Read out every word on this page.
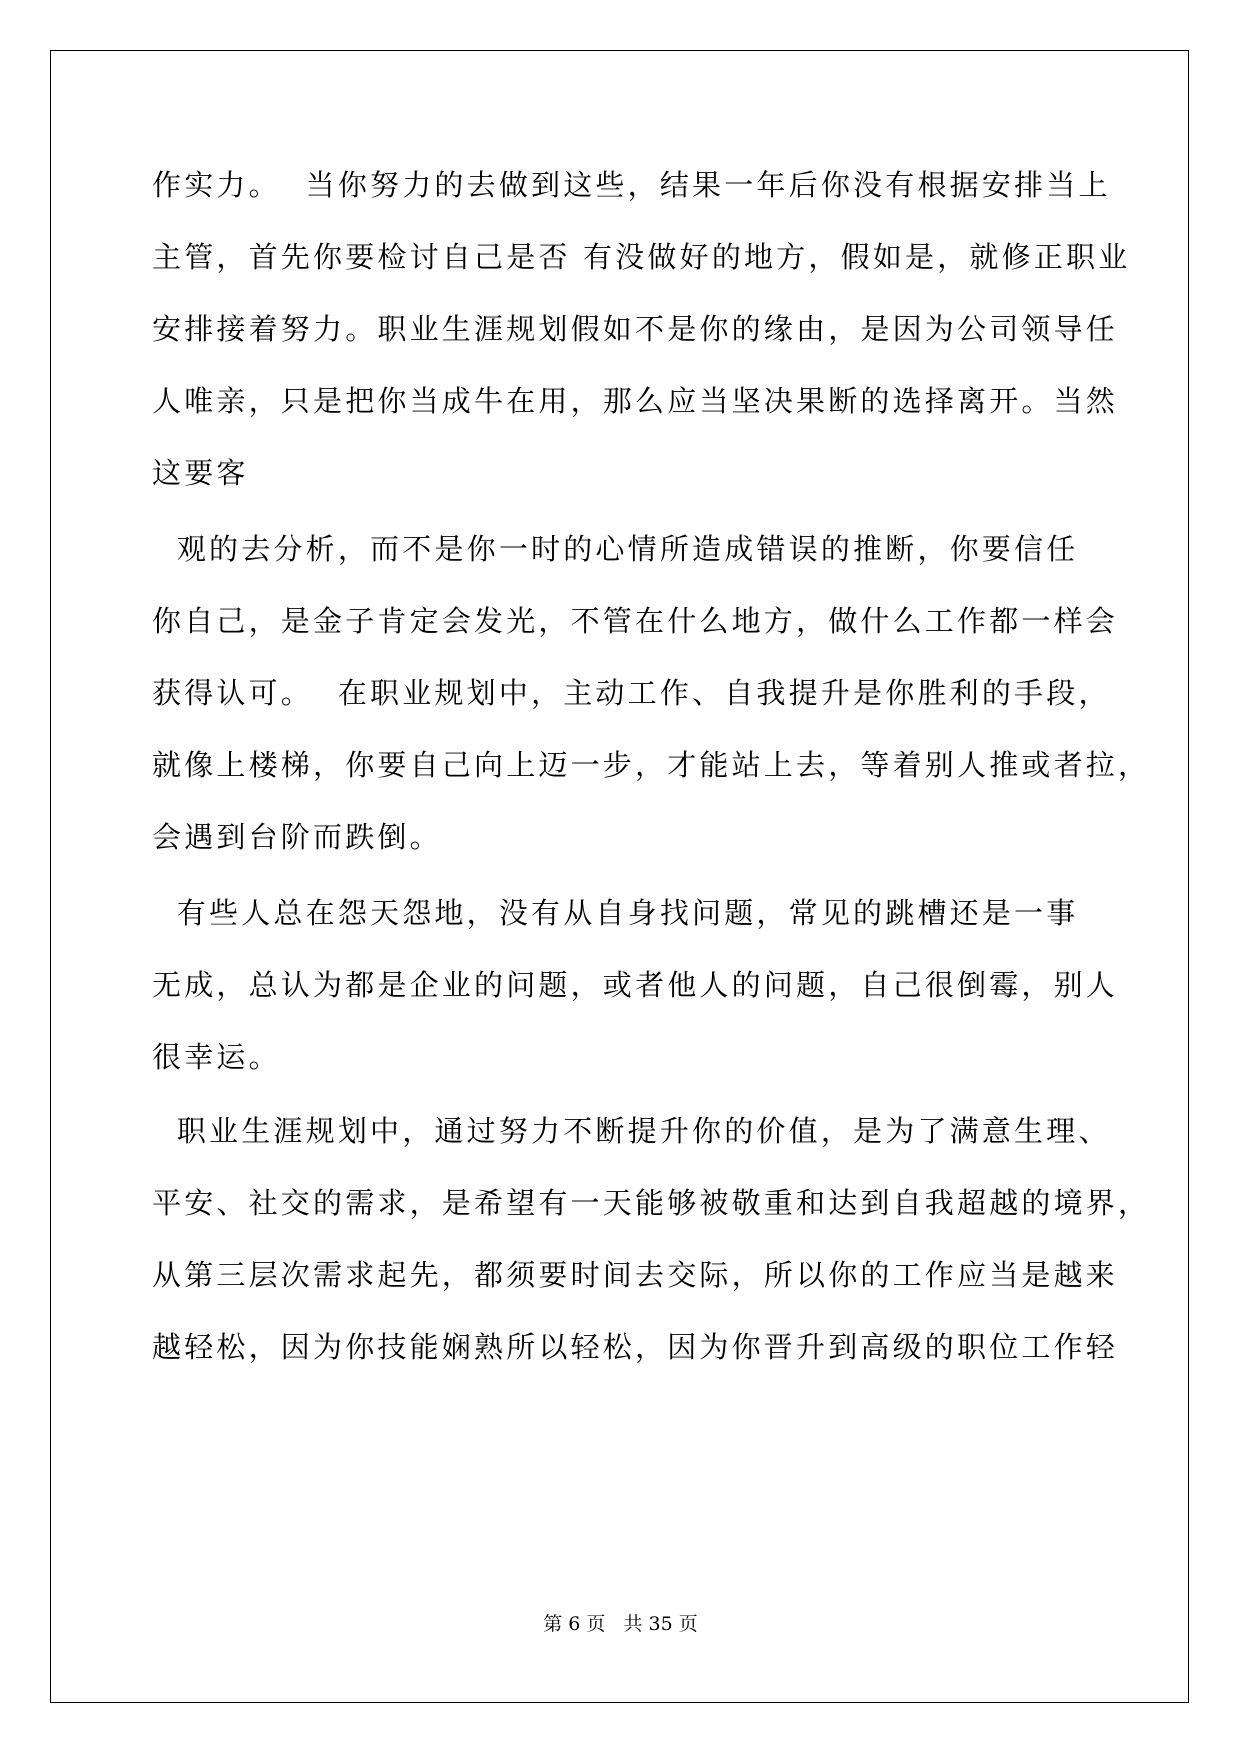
作实力。  当你努力的去做到这些，结果一年后你没有根据安排当上
主管，首先你要检讨自己是否 有没做好的地方，假如是，就修正职业
安排接着努力。职业生涯规划假如不是你的缘由，是因为公司领导任
人唯亲，只是把你当成牛在用，那么应当坚决果断的选择离开。当然
这要客
观的去分析，而不是你一时的心情所造成错误的推断，你要信任
你自己，是金子肯定会发光，不管在什么地方，做什么工作都一样会
获得认可。  在职业规划中，主动工作、自我提升是你胜利的手段，
就像上楼梯，你要自己向上迈一步，才能站上去，等着别人推或者拉，
会遇到台阶而跌倒。
有些人总在怨天怨地，没有从自身找问题，常见的跳槽还是一事
无成，总认为都是企业的问题，或者他人的问题，自己很倒霉，别人
很幸运。
职业生涯规划中，通过努力不断提升你的价值，是为了满意生理、
平安、社交的需求，是希望有一天能够被敬重和达到自我超越的境界，
从第三层次需求起先，都须要时间去交际，所以你的工作应当是越来
越轻松，因为你技能娴熟所以轻松，因为你晋升到高级的职位工作轻
第 6 页   共 35 页
